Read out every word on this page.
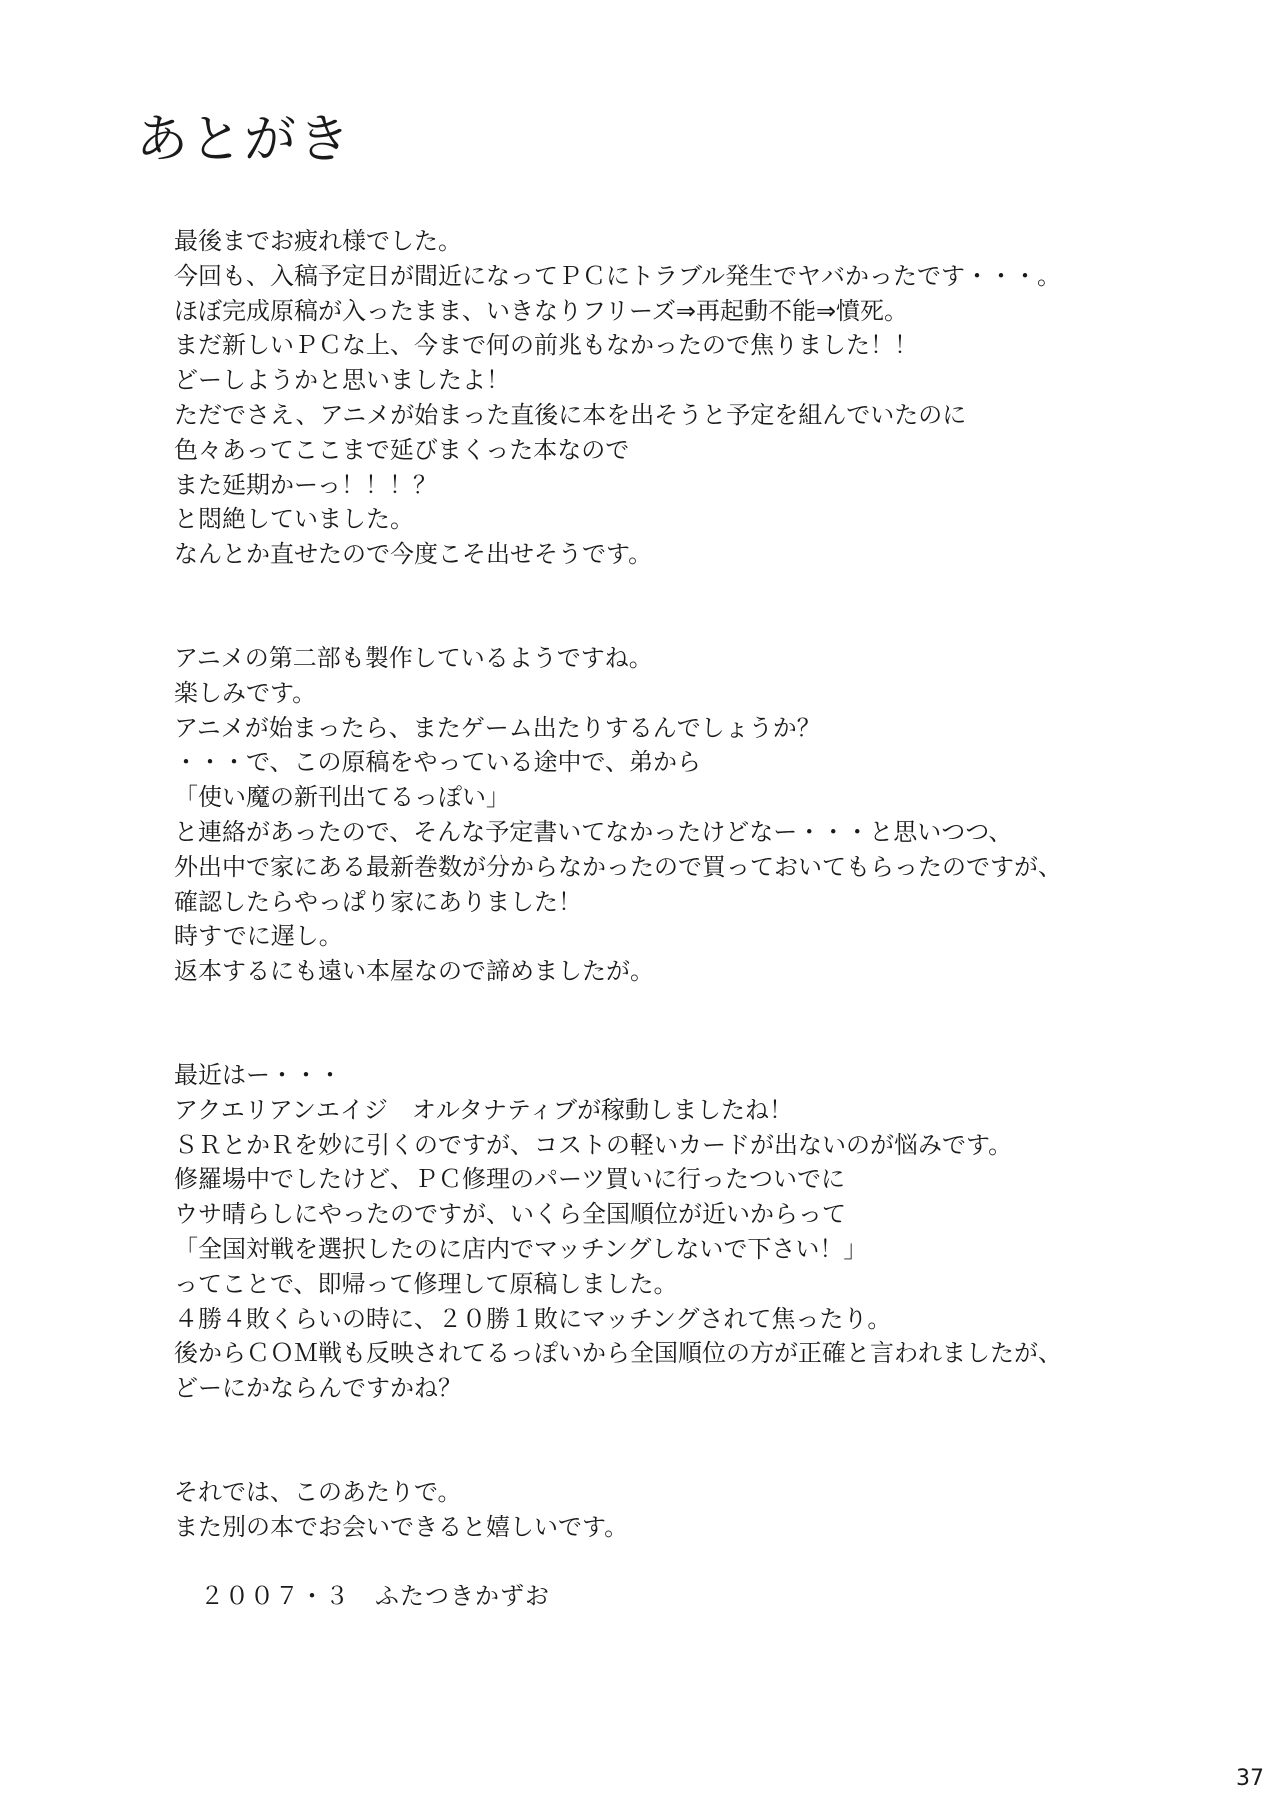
あとがき

最後までお疲れ様でした。
今回も、入稿予定日が間近になってＰＣにトラブル発生でヤバかったです・・・。
ほぼ完成原稿が入ったまま、いきなりフリーズ⇒再起動不能⇒憤死。
まだ新しいＰＣな上、今まで何の前兆もなかったので焦りました！！
どーしようかと思いましたよ！
ただでさえ、アニメが始まった直後に本を出そうと予定を組んでいたのに
色々あってここまで延びまくった本なので
また延期かーっ！！！？
と悶絶していました。
なんとか直せたので今度こそ出せそうです。

アニメの第二部も製作しているようですね。
楽しみです。
アニメが始まったら、またゲーム出たりするんでしょうか？
・・・で、この原稿をやっている途中で、弟から
「使い魔の新刊出てるっぽい」
と連絡があったので、そんな予定書いてなかったけどなー・・・と思いつつ、
外出中で家にある最新巻数が分からなかったので買っておいてもらったのですが、
確認したらやっぱり家にありました！
時すでに遅し。
返本するにも遠い本屋なので諦めましたが。

最近はー・・・
アクエリアンエイジ　オルタナティブが稼動しましたね！
ＳＲとかＲを妙に引くのですが、コストの軽いカードが出ないのが悩みです。
修羅場中でしたけど、ＰＣ修理のパーツ買いに行ったついでに
ウサ晴らしにやったのですが、いくら全国順位が近いからって
「全国対戦を選択したのに店内でマッチングしないで下さい！」
ってことで、即帰って修理して原稿しました。
４勝４敗くらいの時に、２０勝１敗にマッチングされて焦ったり。
後からＣＯＭ戦も反映されてるっぽいから全国順位の方が正確と言われましたが、
どーにかならんですかね？

それでは、このあたりで。
また別の本でお会いできると嬉しいです。

２００７・３　ふたつきかずお
37
